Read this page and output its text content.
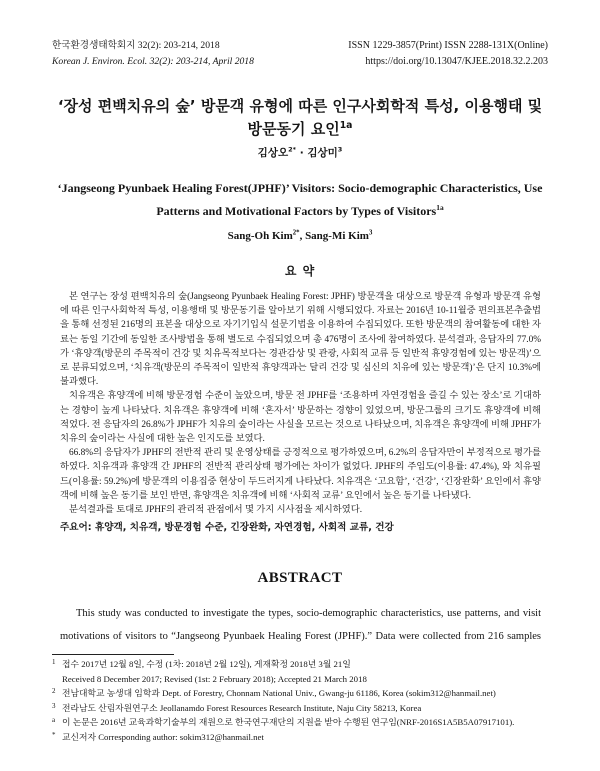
한국환경생태학회지 32(2): 203-214, 2018
Korean J. Environ. Ecol. 32(2): 203-214, April 2018
ISSN 1229-3857(Print) ISSN 2288-131X(Online)
https://doi.org/10.13047/KJEE.2018.32.2.203
‘장성 편백치유의 숲’ 방문객 유형에 따른 인구사회학적 특성, 이용행태 및 방문동기 요인$^{1a}$
김상오$^{2*}$ · 김상미$^3$
‘Jangseong Pyunbaek Healing Forest(JPHF)’ Visitors: Socio-demographic Characteristics, Use Patterns and Motivational Factors by Types of Visitors$^{1a}$
Sang-Oh Kim$^{2*}$, Sang-Mi Kim$^3$
요 약

본 연구는 장성 편백치유의 숲(Jangseong Pyunbaek Healing Forest: JPHF) 방문객을 대상으로 방문객 유형과 방문객 유형에 따른 인구사회학적 특성, 이용행태 및 방문동기를 알아보기 위해 시행되었다. 자료는 2016년 10-11월중 편의표본추출법을 통해 선정된 216명의 표본을 대상으로 자기기입식 설문기법을 이용하여 수집되었다. 또한 방문객의 참여활동에 대한 자료는 동일 기간에 동일한 조사방법을 통해 별도로 수집되었으며 총 476명이 조사에 참여하였다. 분석결과, 응답자의 77.0%가 ‘휴양객(방문의 주목적이 건강 및 치유목적보다는 경관감상 및 관광, 사회적 교류 등 일반적 휴양경험에 있는 방문객)’으로 분류되었으며, ‘치유객(방문의 주목적이 일반적 휴양객과는 달리 건강 및 심신의 치유에 있는 방문객)’은 단지 10.3%에 불과했다.

치유객은 휴양객에 비해 방문경험 수준이 높았으며, 방문 전 JPHF를 ‘조용하며 자연경험을 즐길 수 있는 장소’로 기대하는 경향이 높게 나타났다. 치유객은 휴양객에 비해 ‘혼자서’ 방문하는 경향이 있었으며, 방문그룹의 크기도 휴양객에 비해 적었다. 전 응답자의 26.8%가 JPHF가 치유의 숲이라는 사실을 모르는 것으로 나타났으며, 치유객은 휴양객에 비해 JPHF가 치유의 숲이라는 사실에 대한 높은 인지도를 보였다.

66.8%의 응답자가 JPHF의 전반적 관리 및 운영상태를 긍정적으로 평가하였으며, 6.2%의 응답자만이 부정적으로 평가를 하였다. 치유객과 휴양객 간 JPHF의 전반적 관리상태 평가에는 차이가 없었다. JPHF의 주임도(이용률: 47.4%), 와 치유필드(이용률: 59.2%)에 방문객의 이용집중 현상이 두드러지게 나타났다. 치유객은 ‘고요함’, ‘건강’, ‘긴장완화’ 요인에서 휴양객에 비해 높은 동기를 보인 반면, 휴양객은 치유객에 비해 ‘사회적 교류’ 요인에서 높은 동기를 나타냈다.

분석결과를 토대로 JPHF의 관리적 관점에서 몇 가지 시사점을 제시하였다.

주요어: 휴양객, 치유객, 방문경험 수준, 긴장완화, 자연경험, 사회적 교류, 건강
ABSTRACT
This study was conducted to investigate the types, socio-demographic characteristics, use patterns, and visit motivations of visitors to “Jangseong Pyunbaek Healing Forest (JPHF).” Data were collected from 216 samples
1 접수 2017년 12월 8일, 수정 (1차: 2018년 2월 12일), 게재확정 2018년 3월 21일
Received 8 December 2017; Revised (1st: 2 February 2018); Accepted 21 March 2018
2 전남대학교 농생대 임학과 Dept. of Forestry, Chonnam National Univ., Gwang-ju 61186, Korea (sokim312@hanmail.net)
3 전라남도 산림자원연구소 Jeollanamdo Forest Resources Research Institute, Naju City 58213, Korea
a 이 논문은 2016년 교육과학기술부의 재원으로 한국연구재단의 지원을 받아 수행된 연구임(NRF-2016S1A5B5A07917101).
* 교신저자 Corresponding author: sokim312@hanmail.net
